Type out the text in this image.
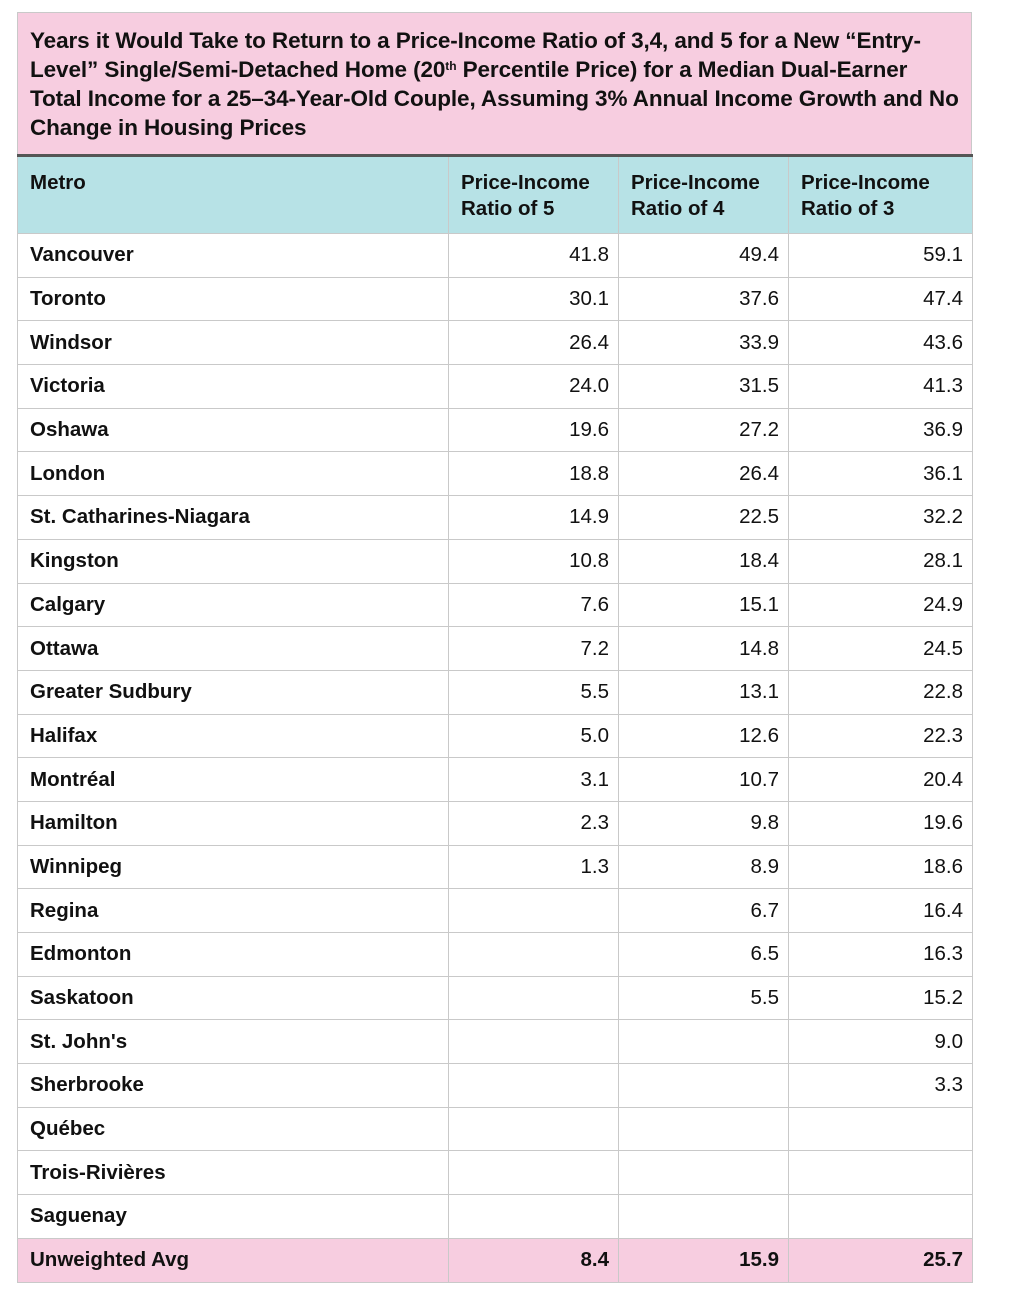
Years it Would Take to Return to a Price-Income Ratio of 3,4, and 5 for a New “Entry-Level” Single/Semi-Detached Home (20th Percentile Price) for a Median Dual-Earner Total Income for a 25–34-Year-Old Couple, Assuming 3% Annual Income Growth and No Change in Housing Prices
Metro	Price-Income Ratio of 5	Price-Income Ratio of 4	Price-Income Ratio of 3
Vancouver	41.8	49.4	59.1
Toronto	30.1	37.6	47.4
Windsor	26.4	33.9	43.6
Victoria	24.0	31.5	41.3
Oshawa	19.6	27.2	36.9
London	18.8	26.4	36.1
St. Catharines-Niagara	14.9	22.5	32.2
Kingston	10.8	18.4	28.1
Calgary	7.6	15.1	24.9
Ottawa	7.2	14.8	24.5
Greater Sudbury	5.5	13.1	22.8
Halifax	5.0	12.6	22.3
Montréal	3.1	10.7	20.4
Hamilton	2.3	9.8	19.6
Winnipeg	1.3	8.9	18.6
Regina		6.7	16.4
Edmonton		6.5	16.3
Saskatoon		5.5	15.2
St. John's			9.0
Sherbrooke			3.3
Québec			
Trois-Rivières			
Saguenay			
Unweighted Avg	8.4	15.9	25.7
